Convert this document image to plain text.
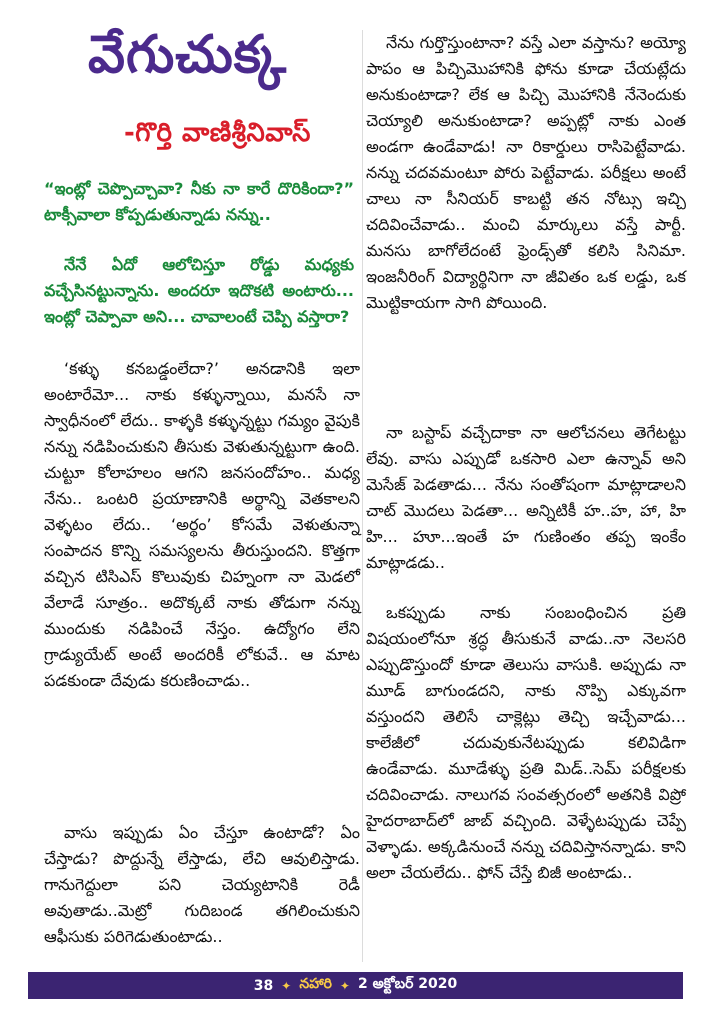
వేగుచుక్క
-గొర్తి వాణిశ్రీనివాస్

“ఇంట్లో చెప్పొచ్చావా? నీకు నా కారే దొరికిందా?” టాక్సీవాలా కోప్పడుతున్నాడు నన్ను..

నేనే ఏదో ఆలోచిస్తూ రోడ్డు మధ్యకు వచ్చేసినట్టున్నాను. అందరూ ఇదొకటి అంటారు... ఇంట్లో చెప్పావా అని... చావాలంటే చెప్పి వస్తారా?

‘కళ్ళు కనబడ్డంలేదా?’ అనడానికి ఇలా అంటారేమో... నాకు కళ్ళున్నాయి, మనసే నా స్వాధీనంలో లేదు.. కాళ్ళకి కళ్ళున్నట్టు గమ్యం వైపుకి నన్ను నడిపించుకుని తీసుకు వెళుతున్నట్టుగా ఉంది. చుట్టూ కోలాహలం ఆగని జనసందోహం.. మధ్య నేను.. ఒంటరి ప్రయాణానికి అర్థాన్ని వెతకాలని వెళ్ళటం లేదు.. ‘అర్థం’ కోసమే వెళుతున్నా సంపాదన కొన్ని సమస్యలను తీరుస్తుందని. కొత్తగా వచ్చిన టిసిఎస్ కొలువుకు చిహ్నంగా నా మెడలో వేలాడే సూత్రం.. అదొక్కటే నాకు తోడుగా నన్ను ముందుకు నడిపించే నేస్తం. ఉద్యోగం లేని గ్రాడ్యుయేట్ అంటే అందరికీ లోకువే.. ఆ మాట పడకుండా దేవుడు కరుణించాడు..

వాసు ఇప్పుడు ఏం చేస్తూ ఉంటాడో? ఏం చేస్తాడు? పొద్దున్నే లేస్తాడు, లేచి ఆవులిస్తాడు. గానుగెద్దులా పని చెయ్యటానికి రెడీ అవుతాడు..మెట్రో గుదిబండ తగిలించుకుని ఆఫీసుకు పరిగెడుతుంటాడు..

నేను గుర్తొస్తుంటానా? వస్తే ఎలా వస్తాను? అయ్యో పాపం ఆ పిచ్చిమొహానికి ఫోను కూడా చేయట్లేదు అనుకుంటాడా? లేక ఆ పిచ్చి మొహానికి నేనెందుకు చెయ్యాలి అనుకుంటాడా? అప్పట్లో నాకు ఎంత అండగా ఉండేవాడు! నా రికార్డులు రాసిపెట్టేవాడు. నన్ను చదవమంటూ పోరు పెట్టేవాడు. పరీక్షలు అంటే చాలు నా సీనియర్ కాబట్టి తన నోట్సు ఇచ్చి చదివించేవాడు.. మంచి మార్కులు వస్తే పార్టీ. మనసు బాగోలేదంటే ఫ్రెండ్స్‌తో కలిసి సినిమా. ఇంజనీరింగ్ విద్యార్థినిగా నా జీవితం ఒక లడ్డు, ఒక మొట్టికాయగా సాగి పోయింది.

నా బస్టాప్ వచ్చేదాకా నా ఆలోచనలు తెగేటట్టు లేవు. వాసు ఎప్పుడో ఒకసారి ఎలా ఉన్నావ్ అని మెసేజ్ పెడతాడు... నేను సంతోషంగా మాట్లాడాలని చాట్ మొదలు పెడతా... అన్నిటికీ హ..హ, హా, హి హి... హూ...ఇంతే హ గుణింతం తప్ప ఇంకేం మాట్లాడడు..

ఒకప్పుడు నాకు సంబంధించిన ప్రతి విషయంలోనూ శ్రద్ధ తీసుకునే వాడు..నా నెలసరి ఎప్పుడొస్తుందో కూడా తెలుసు వాసుకి. అప్పుడు నా మూడ్ బాగుండదని, నాకు నొప్పి ఎక్కువగా వస్తుందని తెలిసే చాక్లెట్లు తెచ్చి ఇచ్చేవాడు... కాలేజీలో చదువుకునేటప్పుడు కలివిడిగా ఉండేవాడు. మూడేళ్ళు ప్రతి మిడ్..సెమ్ పరీక్షలకు చదివించాడు. నాలుగవ సంవత్సరంలో అతనికి విప్రో హైదరాబాద్‌లో జాబ్ వచ్చింది. వెళ్ళేటప్పుడు చెప్పే వెళ్ళాడు. అక్కడినుంచే నన్ను చదివిస్తానన్నాడు. కాని అలా చేయలేదు.. ఫోన్ చేస్తే బిజీ అంటాడు..

38 ✦ నహారి ✦ 2 అక్టోబర్ 2020
